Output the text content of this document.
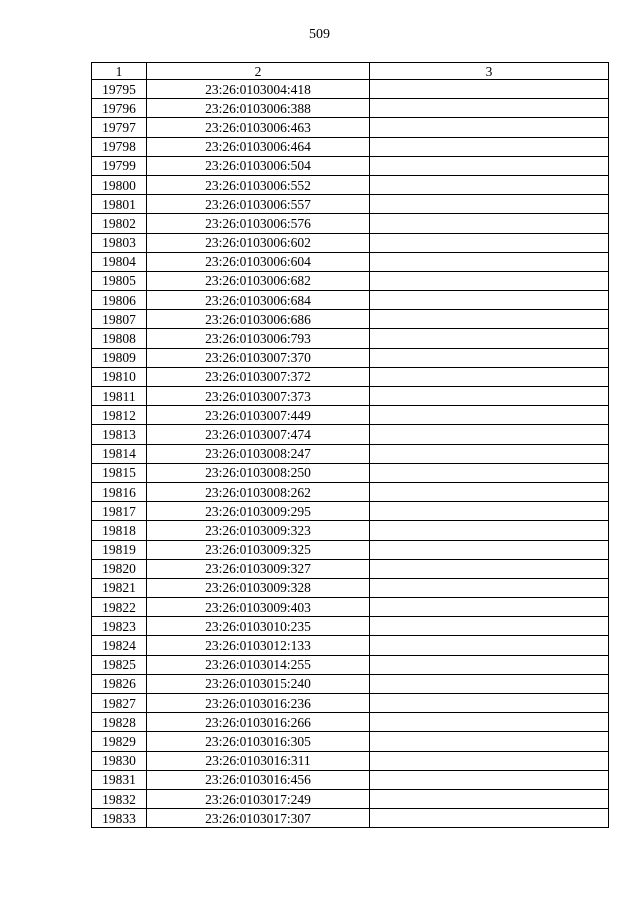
509
1	2	3
19795	23:26:0103004:418	
19796	23:26:0103006:388	
19797	23:26:0103006:463	
19798	23:26:0103006:464	
19799	23:26:0103006:504	
19800	23:26:0103006:552	
19801	23:26:0103006:557	
19802	23:26:0103006:576	
19803	23:26:0103006:602	
19804	23:26:0103006:604	
19805	23:26:0103006:682	
19806	23:26:0103006:684	
19807	23:26:0103006:686	
19808	23:26:0103006:793	
19809	23:26:0103007:370	
19810	23:26:0103007:372	
19811	23:26:0103007:373	
19812	23:26:0103007:449	
19813	23:26:0103007:474	
19814	23:26:0103008:247	
19815	23:26:0103008:250	
19816	23:26:0103008:262	
19817	23:26:0103009:295	
19818	23:26:0103009:323	
19819	23:26:0103009:325	
19820	23:26:0103009:327	
19821	23:26:0103009:328	
19822	23:26:0103009:403	
19823	23:26:0103010:235	
19824	23:26:0103012:133	
19825	23:26:0103014:255	
19826	23:26:0103015:240	
19827	23:26:0103016:236	
19828	23:26:0103016:266	
19829	23:26:0103016:305	
19830	23:26:0103016:311	
19831	23:26:0103016:456	
19832	23:26:0103017:249	
19833	23:26:0103017:307	
